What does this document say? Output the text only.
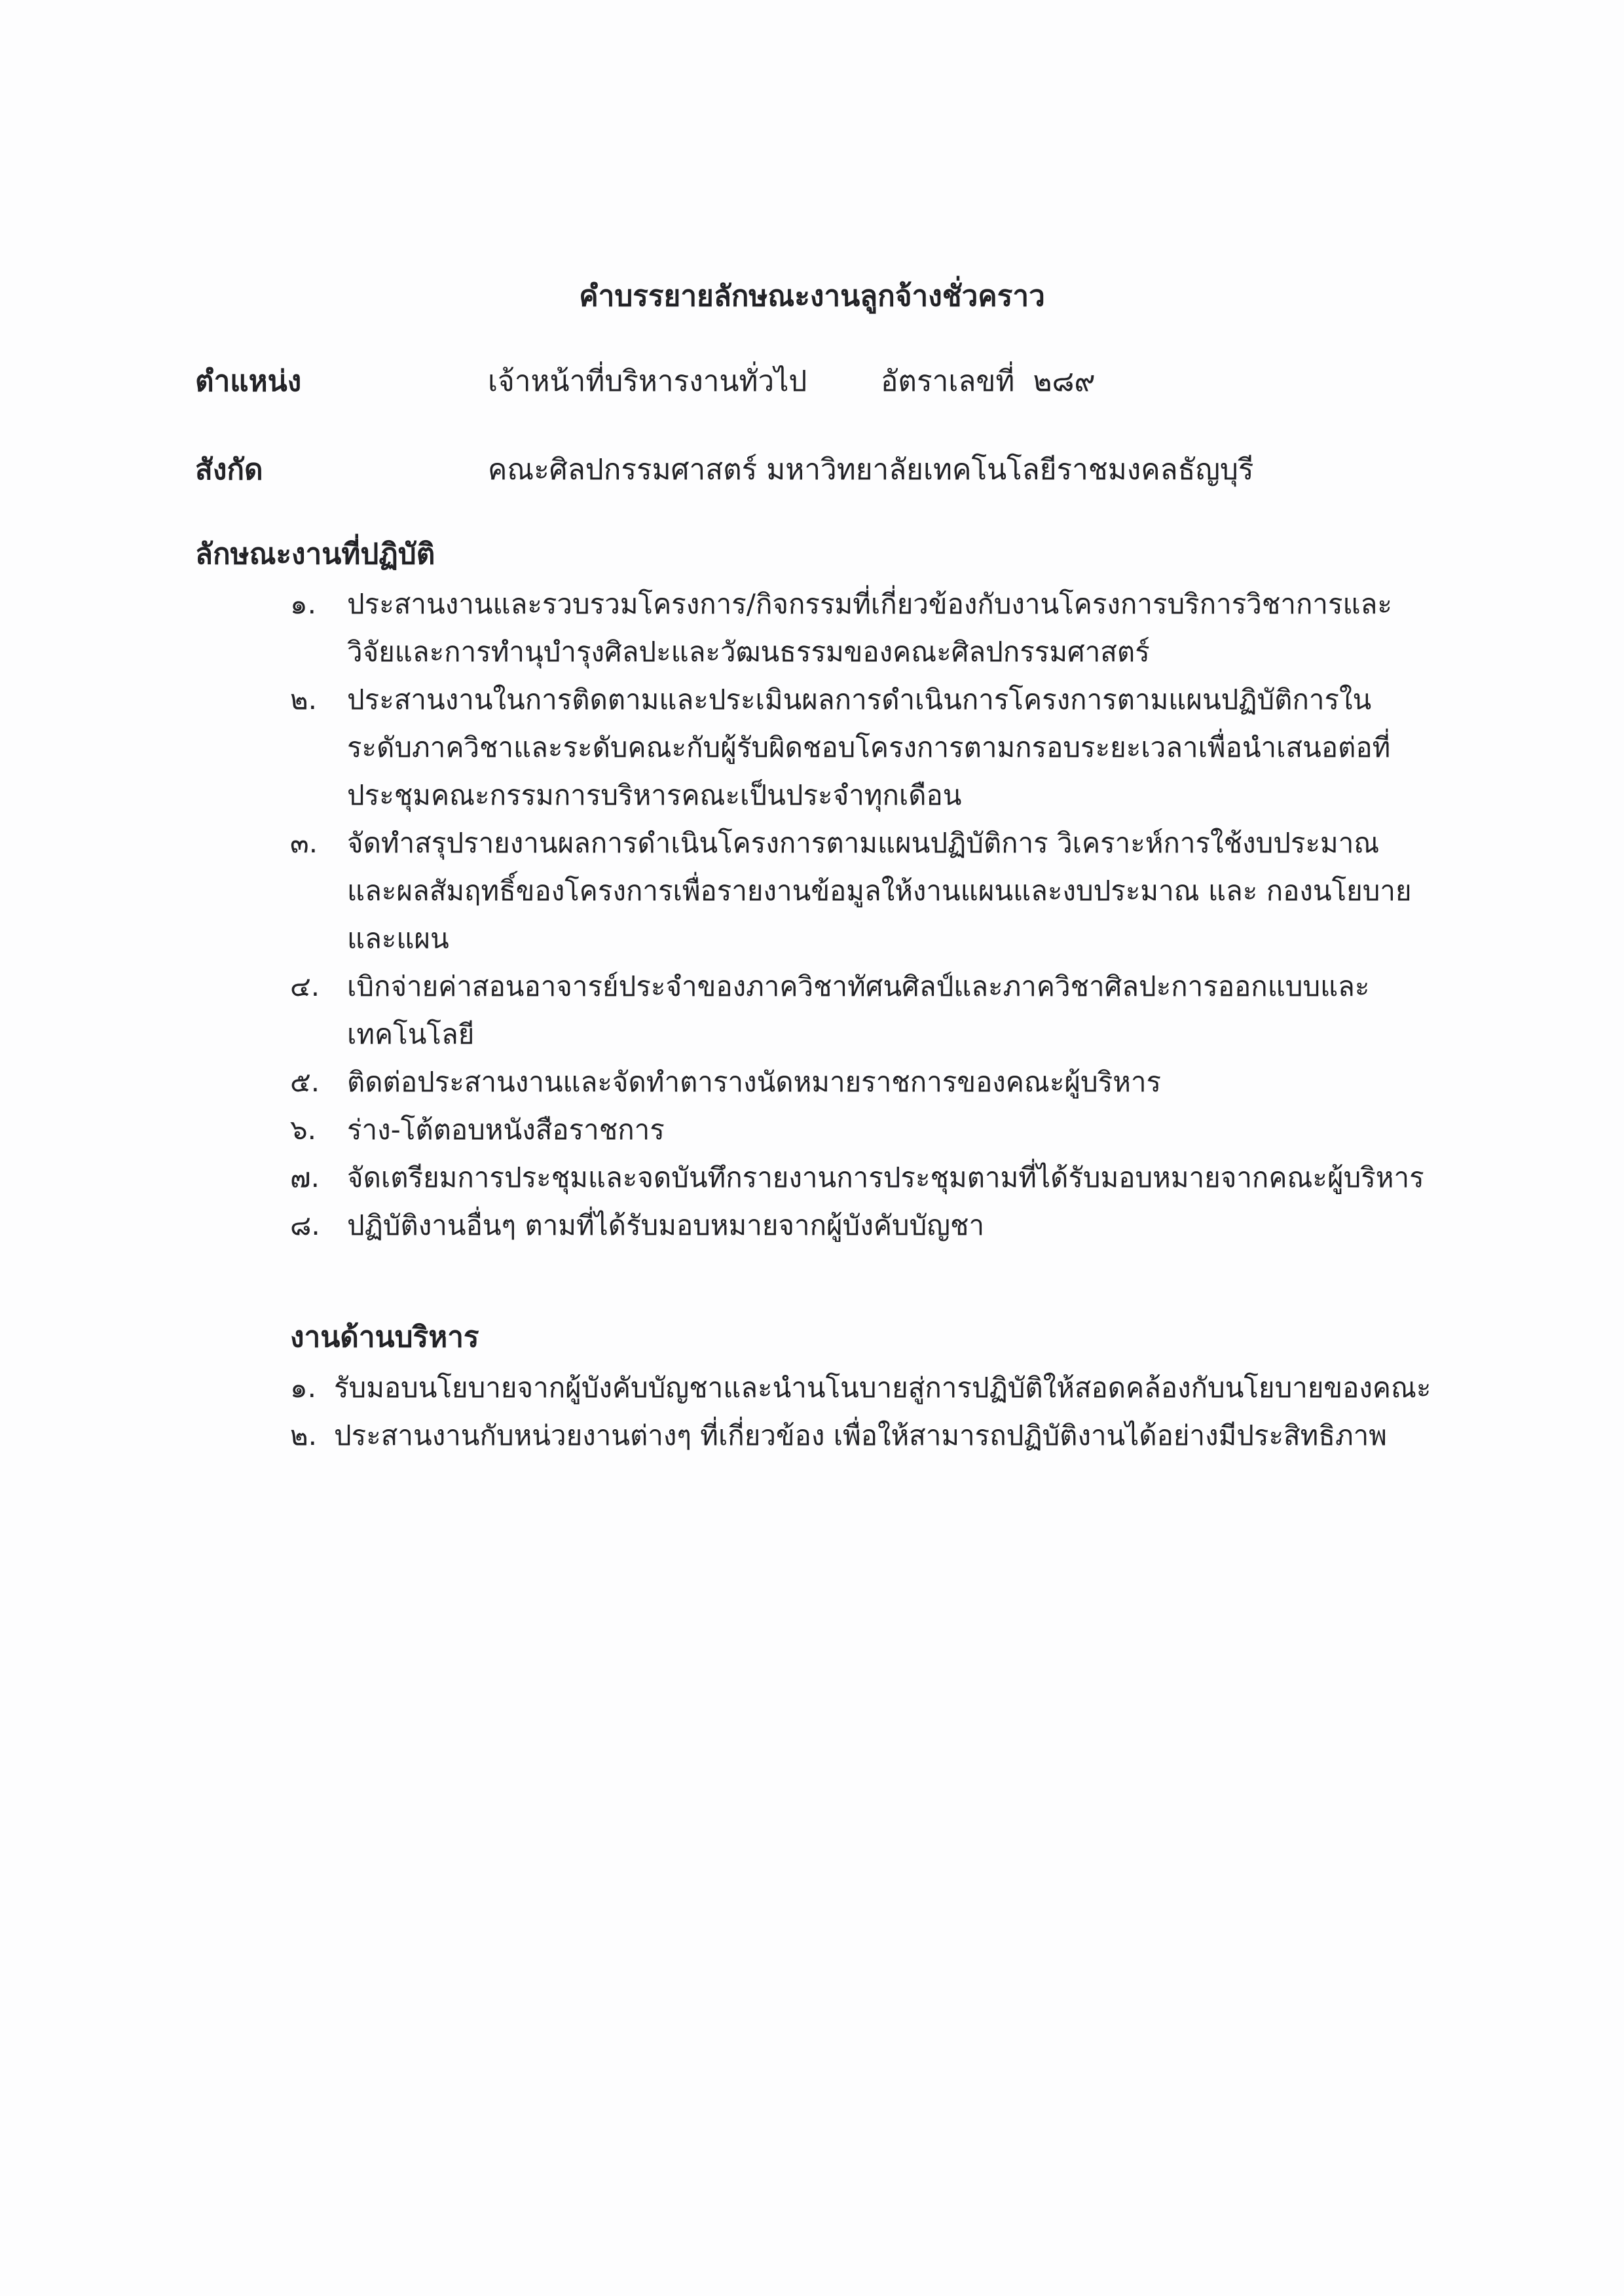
คำบรรยายลักษณะงานลูกจ้างชั่วคราว
ตำแหน่ง	เจ้าหน้าที่บริหารงานทั่วไป	อัตราเลขที่ ๒๘๙
สังกัด	คณะศิลปกรรมศาสตร์ มหาวิทยาลัยเทคโนโลยีราชมงคลธัญบุรี
ลักษณะงานที่ปฏิบัติ
๑. ประสานงานและรวบรวมโครงการ/กิจกรรมที่เกี่ยวข้องกับงานโครงการบริการวิชาการและวิจัยและการทำนุบำรุงศิลปะและวัฒนธรรมของคณะศิลปกรรมศาสตร์
๒. ประสานงานในการติดตามและประเมินผลการดำเนินการโครงการตามแผนปฏิบัติการในระดับภาควิชาและระดับคณะกับผู้รับผิดชอบโครงการตามกรอบระยะเวลาเพื่อนำเสนอต่อที่ประชุมคณะกรรมการบริหารคณะเป็นประจำทุกเดือน
๓. จัดทำสรุปรายงานผลการดำเนินโครงการตามแผนปฏิบัติการ วิเคราะห์การใช้งบประมาณและผลสัมฤทธิ์ของโครงการเพื่อรายงานข้อมูลให้งานแผนและงบประมาณ และ กองนโยบายและแผน
๔. เบิกจ่ายค่าสอนอาจารย์ประจำของภาควิชาทัศนศิลป์และภาควิชาศิลปะการออกแบบและเทคโนโลยี
๕. ติดต่อประสานงานและจัดทำตารางนัดหมายราชการของคณะผู้บริหาร
๖. ร่าง-โต้ตอบหนังสือราชการ
๗. จัดเตรียมการประชุมและจดบันทึกรายงานการประชุมตามที่ได้รับมอบหมายจากคณะผู้บริหาร
๘. ปฏิบัติงานอื่นๆ ตามที่ได้รับมอบหมายจากผู้บังคับบัญชา
งานด้านบริหาร
๑. รับมอบนโยบายจากผู้บังคับบัญชาและนำนโนบายสู่การปฏิบัติให้สอดคล้องกับนโยบายของคณะ
๒. ประสานงานกับหน่วยงานต่างๆ ที่เกี่ยวข้อง เพื่อให้สามารถปฏิบัติงานได้อย่างมีประสิทธิภาพ
